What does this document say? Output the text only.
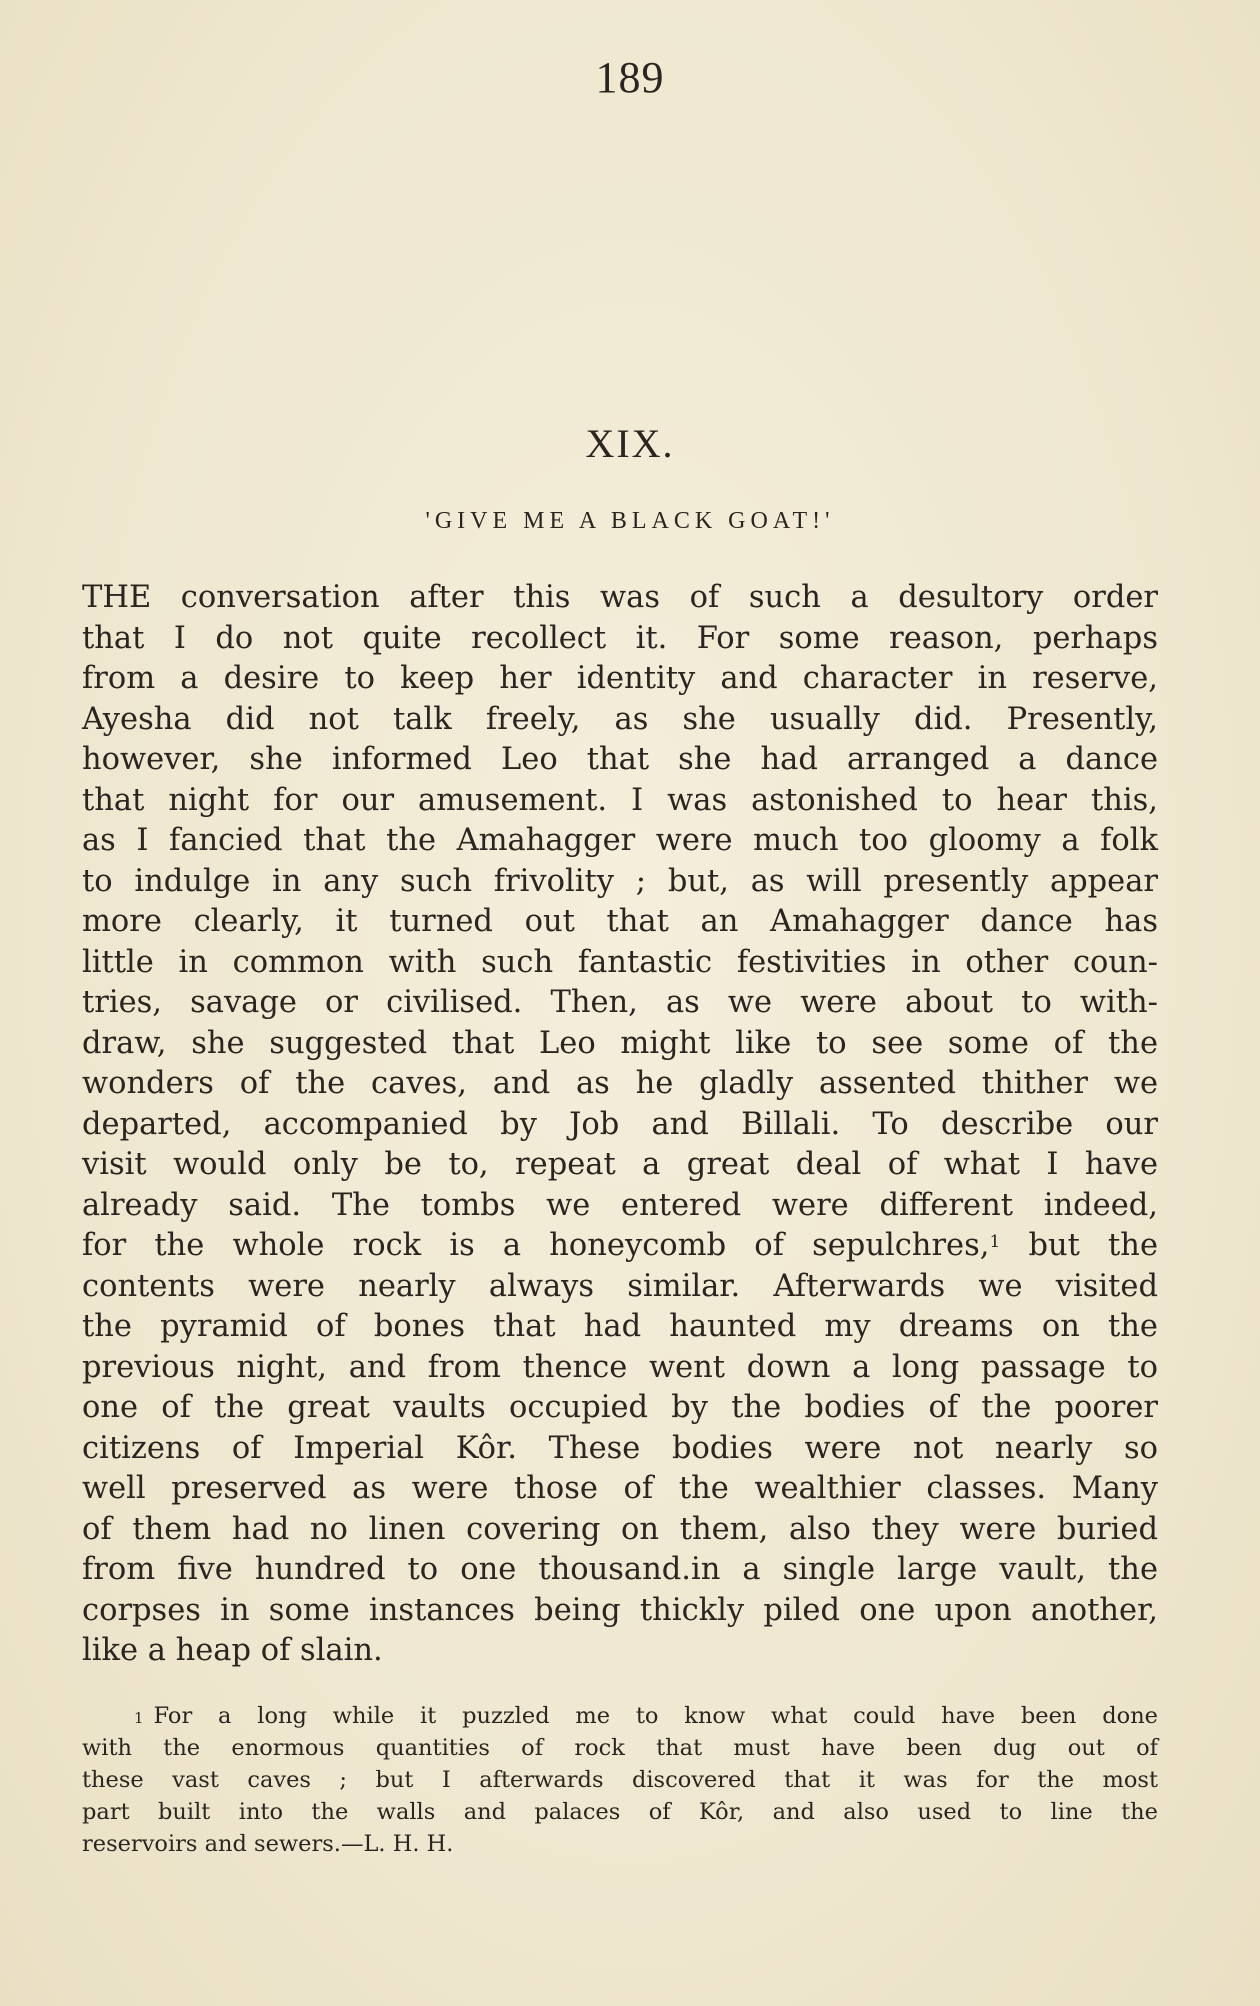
189
XIX.
'GIVE ME A BLACK GOAT!'
THE conversation after this was of such a desultory order
that I do not quite recollect it. For some reason, perhaps
from a desire to keep her identity and character in reserve,
Ayesha did not talk freely, as she usually did. Presently,
however, she informed Leo that she had arranged a dance
that night for our amusement. I was astonished to hear this,
as I fancied that the Amahagger were much too gloomy a folk
to indulge in any such frivolity ; but, as will presently appear
more clearly, it turned out that an Amahagger dance has
little in common with such fantastic festivities in other coun-
tries, savage or civilised. Then, as we were about to with-
draw, she suggested that Leo might like to see some of the
wonders of the caves, and as he gladly assented thither we
departed, accompanied by Job and Billali. To describe our
visit would only be to, repeat a great deal of what I have
already said. The tombs we entered were different indeed,
for the whole rock is a honeycomb of sepulchres,$^1$ but the
contents were nearly always similar. Afterwards we visited
the pyramid of bones that had haunted my dreams on the
previous night, and from thence went down a long passage to
one of the great vaults occupied by the bodies of the poorer
citizens of Imperial Kôr. These bodies were not nearly so
well preserved as were those of the wealthier classes. Many
of them had no linen covering on them, also they were buried
from five hundred to one thousand.in a single large vault, the
corpses in some instances being thickly piled one upon another,
like a heap of slain.
$^1$ For a long while it puzzled me to know what could have been done
with the enormous quantities of rock that must have been dug out of
these vast caves ; but I afterwards discovered that it was for the most
part built into the walls and palaces of Kôr, and also used to line the
reservoirs and sewers.—L. H. H.
